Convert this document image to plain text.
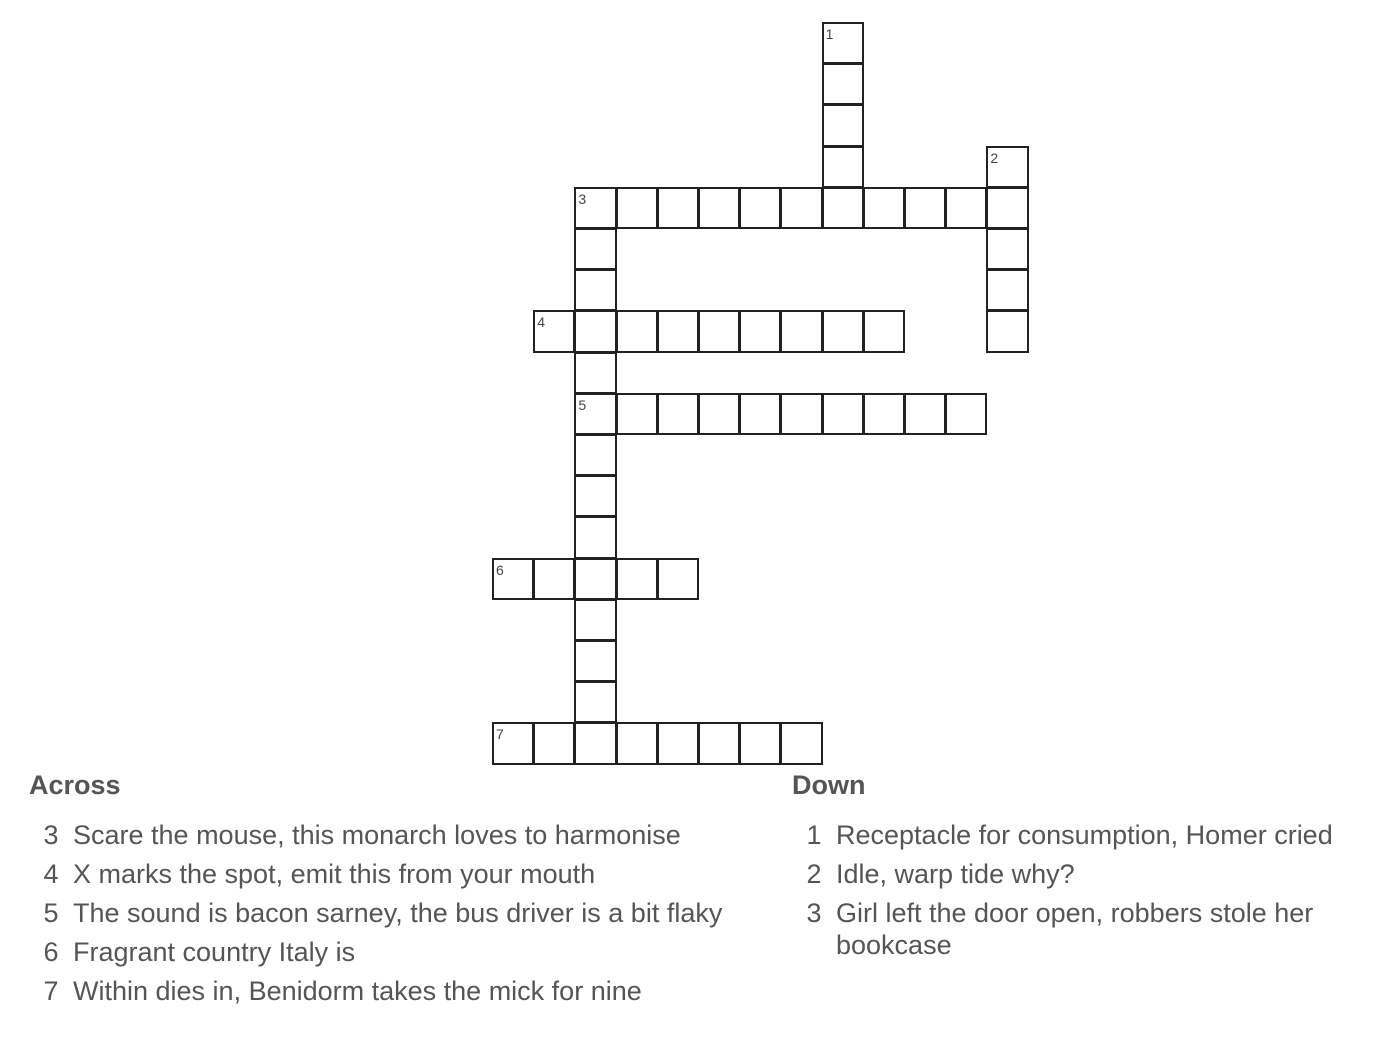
1
2
3
5
4
6
7
Across
3 Scare the mouse, this monarch loves to harmonise
4 X marks the spot, emit this from your mouth
5 The sound is bacon sarney, the bus driver is a bit flaky
6 Fragrant country Italy is
7 Within dies in, Benidorm takes the mick for nine
Down
1 Receptacle for consumption, Homer cried
2 Idle, warp tide why?
3 Girl left the door open, robbers stole her bookcase
